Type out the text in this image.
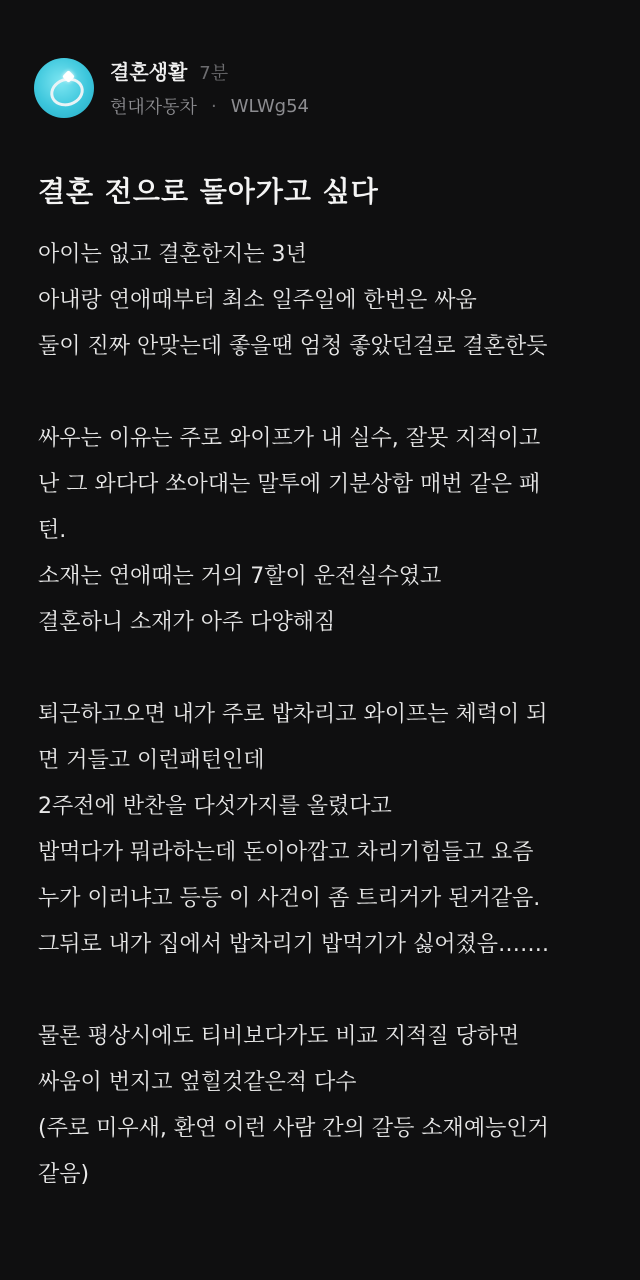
결혼생활 7분
현대자동차 · WLWg54
결혼 전으로 돌아가고 싶다
아이는 없고 결혼한지는 3년
아내랑 연애때부터 최소 일주일에 한번은 싸움
둘이 진짜 안맞는데 좋을땐 엄청 좋았던걸로 결혼한듯
싸우는 이유는 주로 와이프가 내 실수, 잘못 지적이고
난 그 와다다 쏘아대는 말투에 기분상함 매번 같은 패
턴.
소재는 연애때는 거의 7할이 운전실수였고
결혼하니 소재가 아주 다양해짐
퇴근하고오면 내가 주로 밥차리고 와이프는 체력이 되
면 거들고 이런패턴인데
2주전에 반찬을 다섯가지를 올렸다고
밥먹다가 뭐라하는데 돈이아깝고 차리기힘들고 요즘
누가 이러냐고 등등 이 사건이 좀 트리거가 된거같음.
그뒤로 내가 집에서 밥차리기 밥먹기가 싫어졌음…….
물론 평상시에도 티비보다가도 비교 지적질 당하면
싸움이 번지고 엎힐것같은적 다수
(주로 미우새, 환연 이런 사람 간의 갈등 소재예능인거
같음)
